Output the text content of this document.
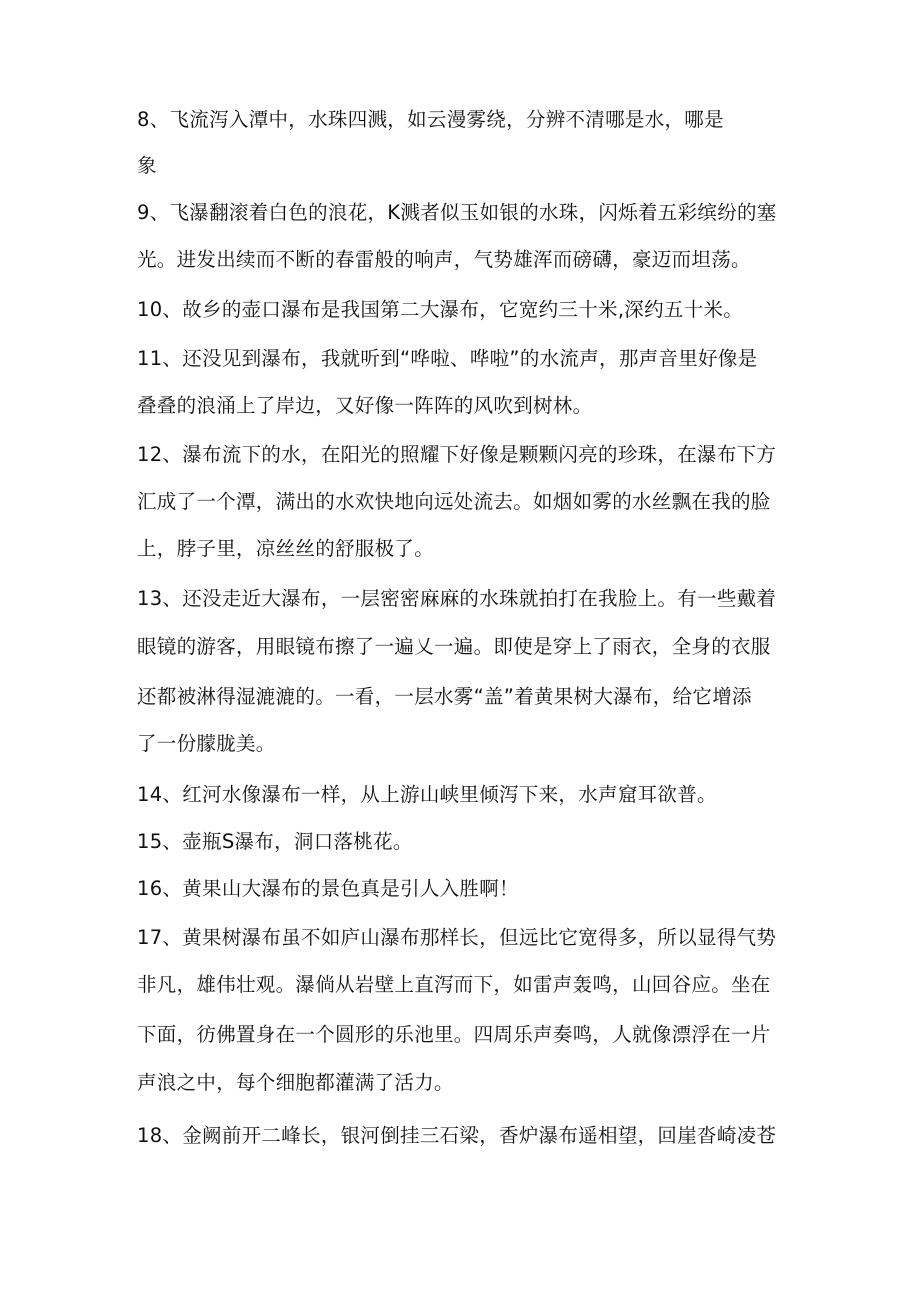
8、飞流泻入潭中，水珠四溅，如云漫雾绕，分辨不清哪是水，哪是
象
9、飞瀑翻滚着白色的浪花，K溅者似玉如银的水珠，闪烁着五彩缤纷的塞
光。进发出续而不断的春雷般的响声，气势雄浑而磅礴，豪迈而坦荡。
10、故乡的壶口瀑布是我国第二大瀑布，它宽约三十米,深约五十米。
11、还没见到瀑布，我就听到“哗啦、哗啦”的水流声，那声音里好像是
叠叠的浪涌上了岸边，又好像一阵阵的风吹到树林。
12、瀑布流下的水，在阳光的照耀下好像是颗颗闪亮的珍珠，在瀑布下方
汇成了一个潭，满出的水欢快地向远处流去。如烟如雾的水丝飘在我的脸
上，脖子里，凉丝丝的舒服极了。
13、还没走近大瀑布，一层密密麻麻的水珠就拍打在我脸上。有一些戴着
眼镜的游客，用眼镜布擦了一遍乂一遍。即使是穿上了雨衣，全身的衣服
还都被淋得湿漉漉的。一看，一层水雾“盖”着黄果树大瀑布，给它增添
了一份朦胧美。
14、红河水像瀑布一样，从上游山峡里倾泻下来，水声窟耳欲普。
15、壶瓶S瀑布，洞口落桃花。
16、黄果山大瀑布的景色真是引人入胜啊！
17、黄果树瀑布虽不如庐山瀑布那样长，但远比它宽得多，所以显得气势
非凡，雄伟壮观。瀑倘从岩壁上直泻而下，如雷声轰鸣，山回谷应。坐在
下面，彷佛置身在一个圆形的乐池里。四周乐声奏鸣，人就像漂浮在一片
声浪之中，每个细胞都灌满了活力。
18、金阙前开二峰长，银河倒挂三石梁，香炉瀑布遥相望，回崖沓崎凌苍
